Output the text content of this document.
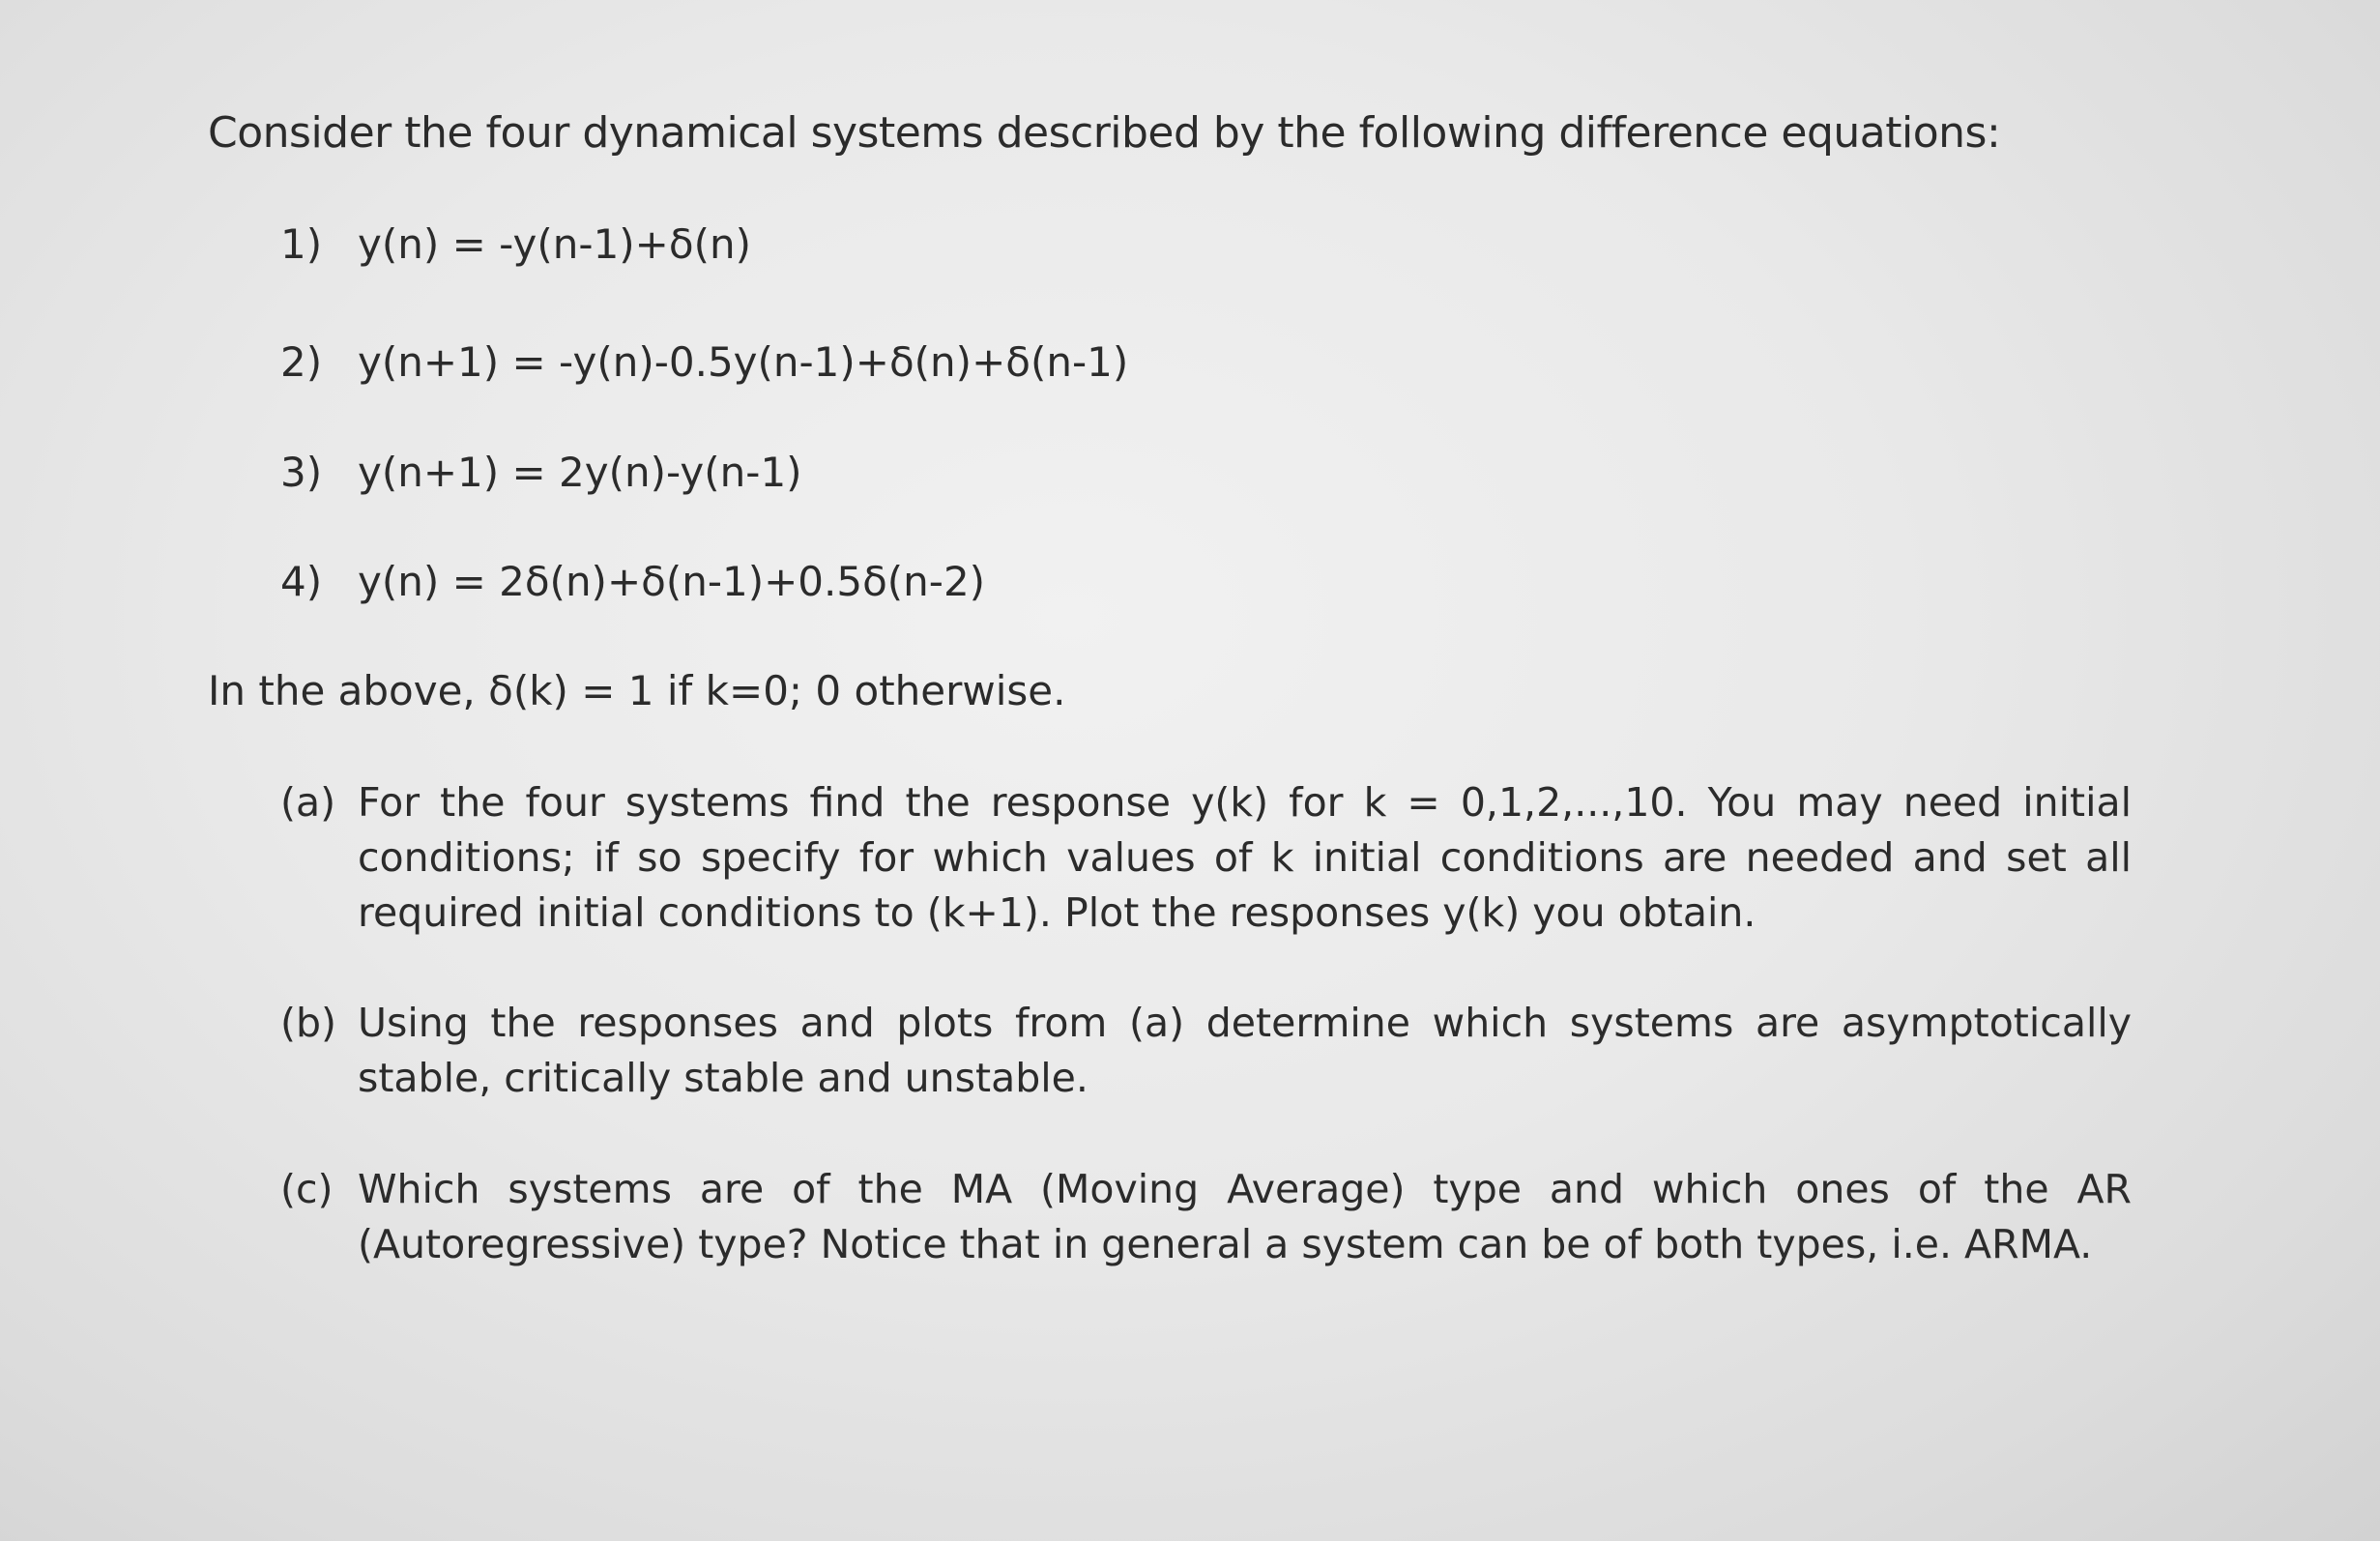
Consider the four dynamical systems described by the following difference equations:
1) y(n) = -y(n-1)+δ(n)
2) y(n+1) = -y(n)-0.5y(n-1)+δ(n)+δ(n-1)
3) y(n+1) = 2y(n)-y(n-1)
4) y(n) = 2δ(n)+δ(n-1)+0.5δ(n-2)
In the above, δ(k) = 1 if k=0; 0 otherwise.
(a) For the four systems find the response y(k) for k = 0,1,2,...,10. You may need initial conditions; if so specify for which values of k initial conditions are needed and set all required initial conditions to (k+1). Plot the responses y(k) you obtain.
(b) Using the responses and plots from (a) determine which systems are asymptotically stable, critically stable and unstable.
(c) Which systems are of the MA (Moving Average) type and which ones of the AR (Autoregressive) type? Notice that in general a system can be of both types, i.e. ARMA.
